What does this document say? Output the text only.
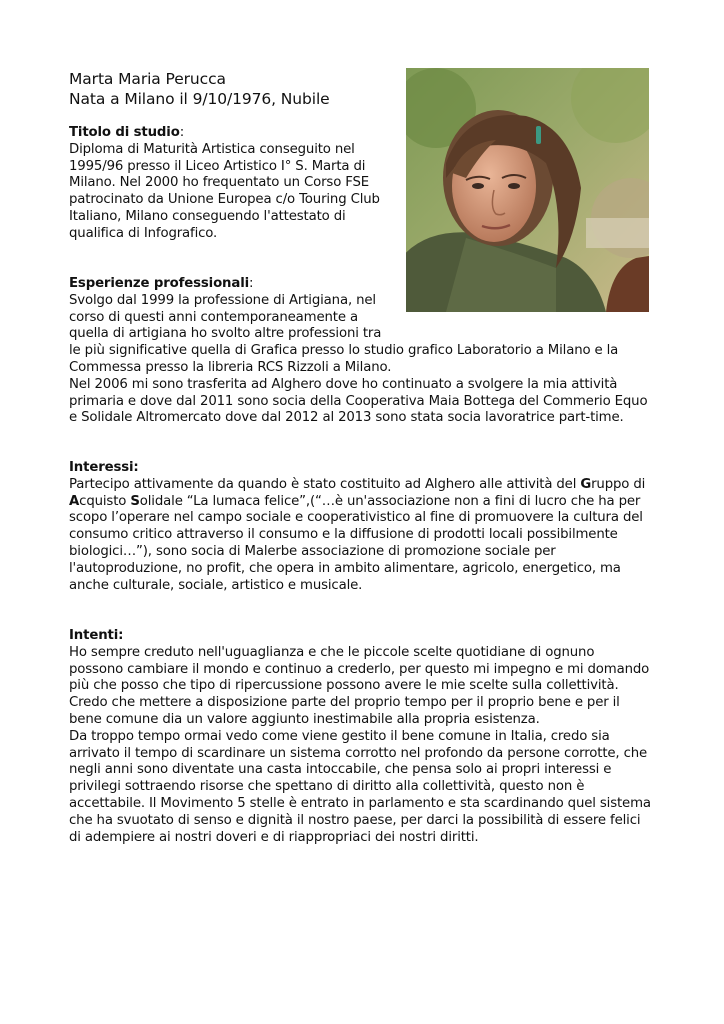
Marta Maria Perucca
Nata a Milano il 9/10/1976, Nubile
Titolo di studio:
Diploma di Maturità Artistica conseguito nel
1995/96 presso il Liceo Artistico I° S. Marta di
Milano. Nel 2000 ho frequentato un Corso FSE
patrocinato da Unione Europea c/o Touring Club
Italiano, Milano conseguendo l'attestato di
qualifica di Infografico.
Esperienze professionali:
Svolgo dal 1999 la professione di Artigiana, nel
corso di questi anni contemporaneamente a
quella di artigiana ho svolto altre professioni tra
le più significative quella di Grafica presso lo studio grafico Laboratorio a Milano e la
Commessa presso la libreria RCS Rizzoli a Milano.
Nel 2006 mi sono trasferita ad Alghero dove ho continuato a svolgere la mia attività
primaria e dove dal 2011 sono socia della Cooperativa Maia Bottega del Commerio Equo
e Solidale Altromercato dove dal 2012 al 2013 sono stata socia lavoratrice part-time.
Interessi:
Partecipo attivamente da quando è stato costituito ad Alghero alle attività del Gruppo di
Acquisto Solidale “La lumaca felice”,(“…è un'associazione non a fini di lucro che ha per
scopo l’operare nel campo sociale e cooperativistico al fine di promuovere la cultura del
consumo critico attraverso il consumo e la diffusione di prodotti locali possibilmente
biologici…”), sono socia di Malerbe associazione di promozione sociale per
l'autoproduzione, no profit, che opera in ambito alimentare, agricolo, energetico, ma
anche culturale, sociale, artistico e musicale.
Intenti:
Ho sempre creduto nell'uguaglianza e che le piccole scelte quotidiane di ognuno
possono cambiare il mondo e continuo a crederlo, per questo mi impegno e mi domando
più che posso che tipo di ripercussione possono avere le mie scelte sulla collettività.
Credo che mettere a disposizione parte del proprio tempo per il proprio bene e per il
bene comune dia un valore aggiunto inestimabile alla propria esistenza.
Da troppo tempo ormai vedo come viene gestito il bene comune in Italia, credo sia
arrivato il tempo di scardinare un sistema corrotto nel profondo da persone corrotte, che
negli anni sono diventate una casta intoccabile, che pensa solo ai propri interessi e
privilegi sottraendo risorse che spettano di diritto alla collettività, questo non è
accettabile. Il Movimento 5 stelle è entrato in parlamento e sta scardinando quel sistema
che ha svuotato di senso e dignità il nostro paese, per darci la possibilità di essere felici
di adempiere ai nostri doveri e di riappropriaci dei nostri diritti.
